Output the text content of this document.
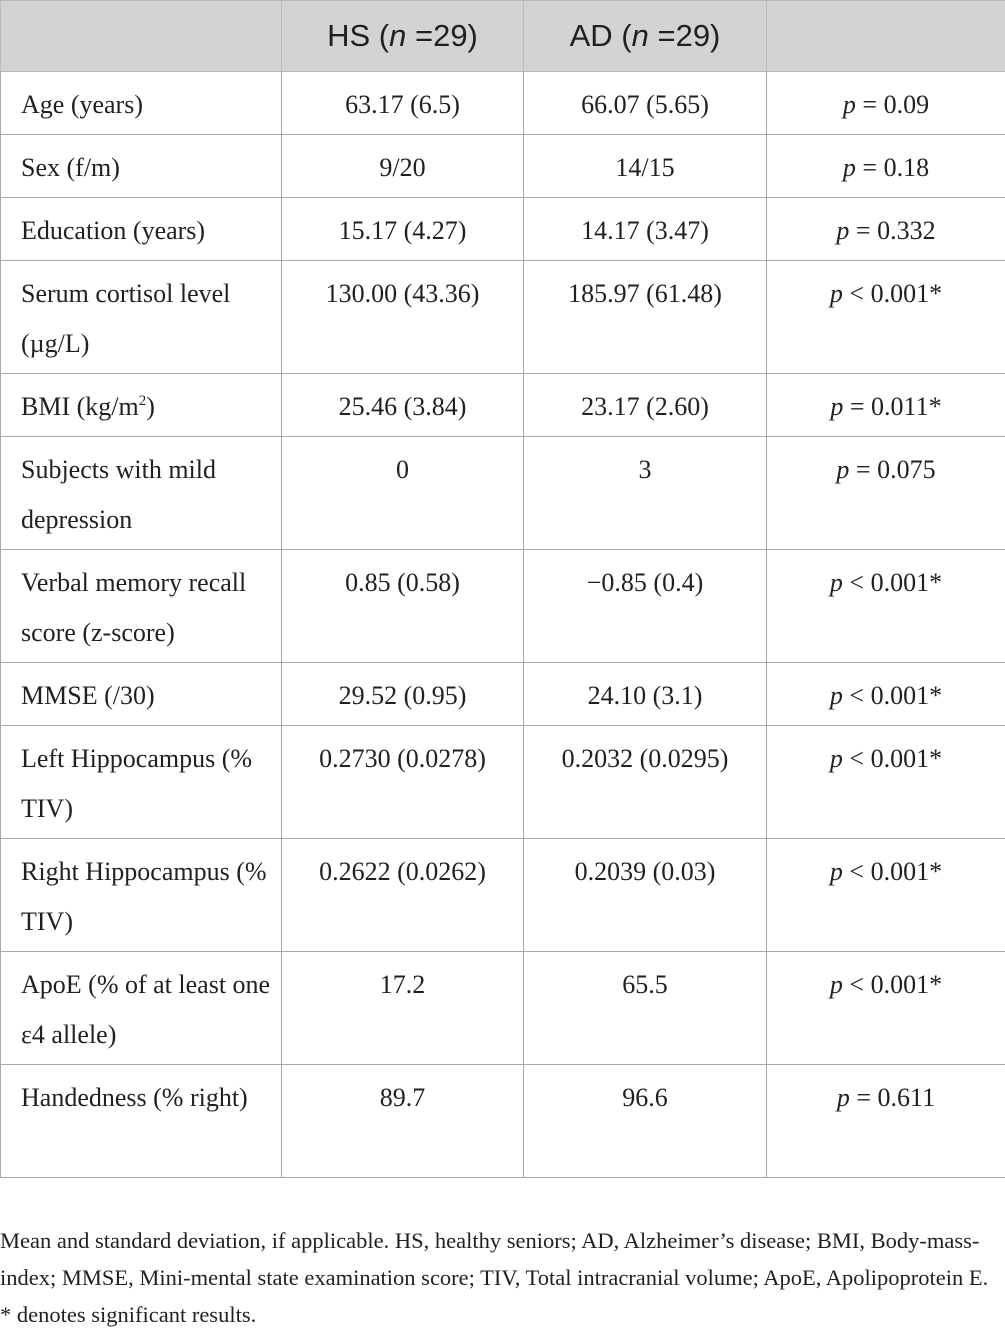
	HS (n =29)	AD (n =29)	
Age (years)	63.17 (6.5)	66.07 (5.65)	p = 0.09
Sex (f/m)	9/20	14/15	p = 0.18
Education (years)	15.17 (4.27)	14.17 (3.47)	p = 0.332
Serum cortisol level (µg/L)	130.00 (43.36)	185.97 (61.48)	p < 0.001*
BMI $(kg/m^2)$	25.46 (3.84)	23.17 (2.60)	p = 0.011*
Subjects with mild depression	0	3	p = 0.075
Verbal memory recall score (z-score)	0.85 (0.58)	−0.85 (0.4)	p < 0.001*
MMSE (/30)	29.52 (0.95)	24.10 (3.1)	p < 0.001*
Left Hippocampus (% TIV)	0.2730 (0.0278)	0.2032 (0.0295)	p < 0.001*
Right Hippocampus (% TIV)	0.2622 (0.0262)	0.2039 (0.03)	p < 0.001*
ApoE (% of at least one ε4 allele)	17.2	65.5	p < 0.001*
Handedness (% right)	89.7	96.6	p = 0.611

Mean and standard deviation, if applicable. HS, healthy seniors; AD, Alzheimer’s disease; BMI, Body-mass-index; MMSE, Mini-mental state examination score; TIV, Total intracranial volume; ApoE, Apolipoprotein E. * denotes significant results.
